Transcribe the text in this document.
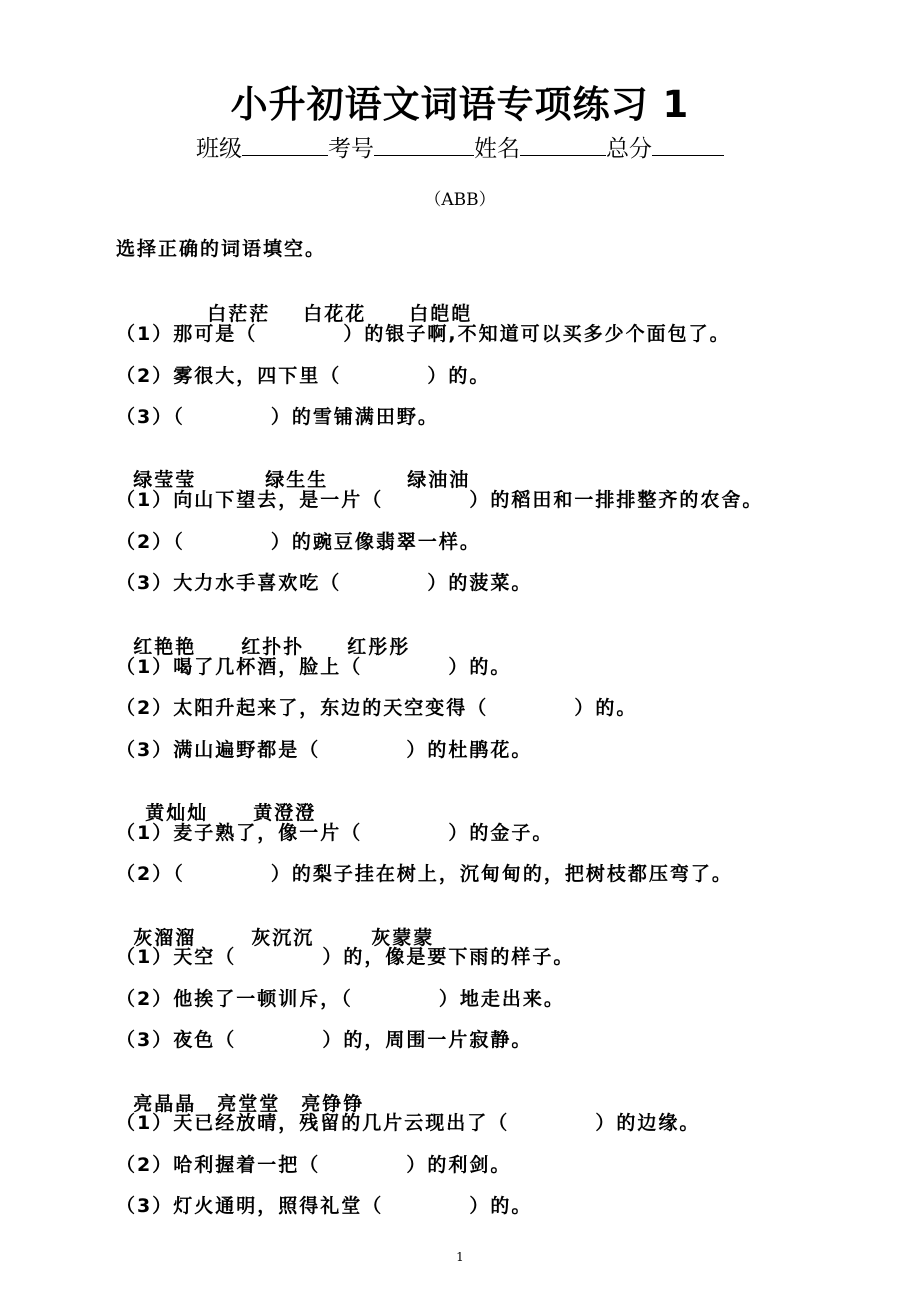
小升初语文词语专项练习 1
班级	考号	姓名	总分
（ABB）
选择正确的词语填空。

白茫茫 白花花 白皑皑

（1）那可是（          ）的银子啊,不知道可以买多少个面包了。
（2）雾很大，四下里（          ）的。
（3）（          ）的雪铺满田野。

绿莹莹	绿生生	绿油油

（1）向山下望去，是一片（          ）的稻田和一排排整齐的农舍。
（2）（          ）的豌豆像翡翠一样。
（3）大力水手喜欢吃（          ）的菠菜。

红艳艳 红扑扑 红彤彤

（1）喝了几杯酒，脸上（          ）的。
（2）太阳升起来了，东边的天空变得（          ）的。
（3）满山遍野都是（          ）的杜鹃花。

黄灿灿 黄澄澄

（1）麦子熟了，像一片（          ）的金子。
（2）（          ）的梨子挂在树上，沉甸甸的，把树枝都压弯了。

灰溜溜	灰沉沉	灰蒙蒙

（1）天空（          ）的，像是要下雨的样子。
（2）他挨了一顿训斥，（          ）地走出来。
（3）夜色（          ）的，周围一片寂静。

亮晶晶 亮堂堂 亮铮铮

（1）天已经放晴，残留的几片云现出了（          ）的边缘。
（2）哈利握着一把（          ）的利剑。
（3）灯火通明，照得礼堂（          ）的。
1
